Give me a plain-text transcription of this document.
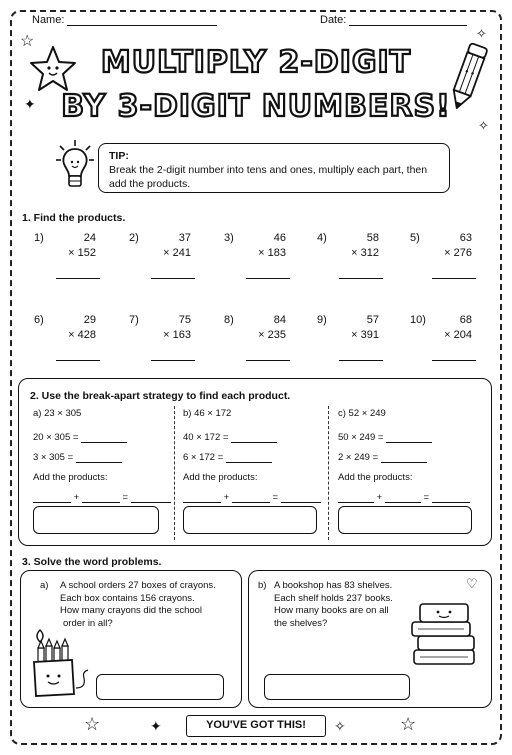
Name:	Date:
☆
✦
✧
✧
MULTIPLY 2-DIGIT
BY 3-DIGIT NUMBERS!
TIP:
Break the 2-digit number into tens and ones, multiply each part, then add the products.
1. Find the products.
1)	24
× 152
2)	37
× 241
3)	46
× 183
4)	58
× 312
5)	63
× 276
6)	29
× 428
7)	75
× 163
8)	84
× 235
9)	57
× 391
10)	68
× 204
2. Use the break-apart strategy to find each product.
a) 23 × 305
20 × 305 =
3 × 305 =
Add the products:
+	=
b) 46 × 172
40 × 172 =
6 × 172 =
Add the products:
+	=
c) 52 × 249
50 × 249 =
2 × 249 =
Add the products:
+	=
3. Solve the word problems.
a) A school orders 27 boxes of crayons.
Each box contains 156 crayons.
How many crayons did the school
order in all?
b) A bookshop has 83 shelves.
Each shelf holds 237 books.
How many books are on all
the shelves?
♡
☆	✦	YOU'VE GOT THIS!	✧	☆
